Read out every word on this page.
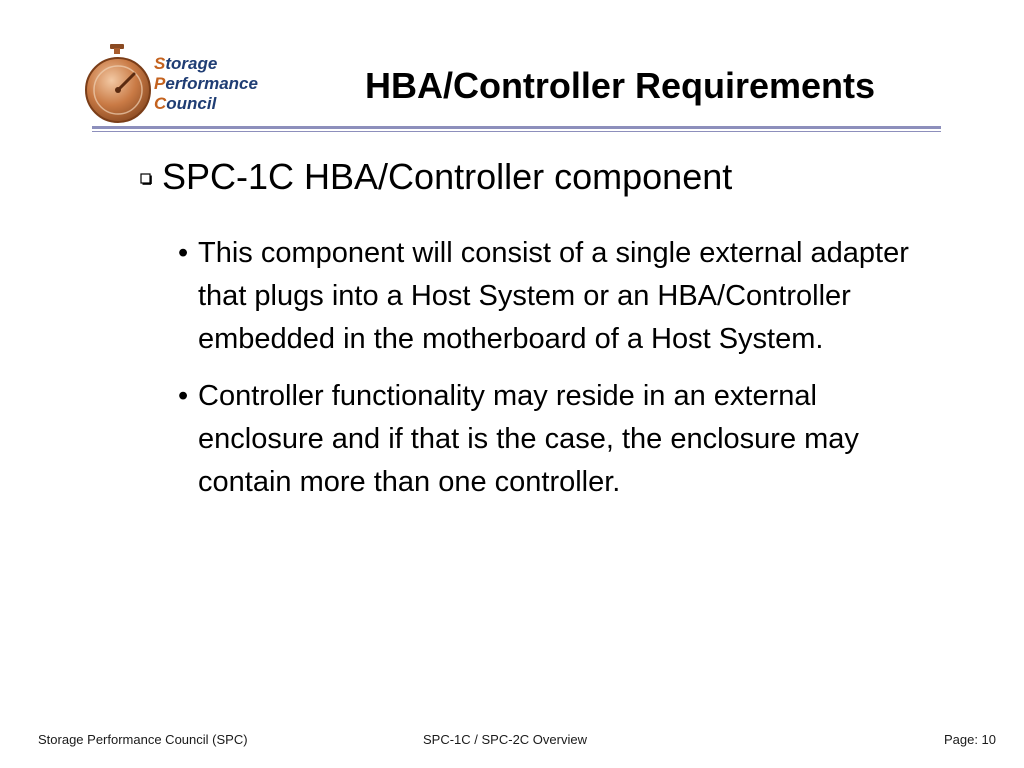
Storage
Performance
Council	HBA/Controller Requirements
SPC-1C HBA/Controller component
• This component will consist of a single external adapter that plugs into a Host System or an HBA/Controller embedded in the motherboard of a Host System.
• Controller functionality may reside in an external enclosure and if that is the case, the enclosure may contain more than one controller.
Storage Performance Council (SPC)	SPC-1C / SPC-2C Overview	Page: 10
